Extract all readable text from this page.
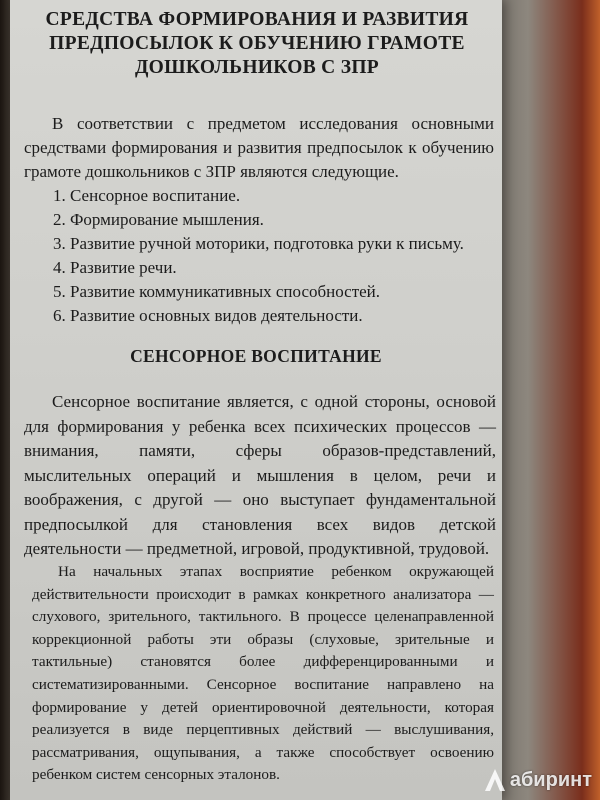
СРЕДСТВА ФОРМИРОВАНИЯ И РАЗВИТИЯ
ПРЕДПОСЫЛОК К ОБУЧЕНИЮ ГРАМОТЕ
ДОШКОЛЬНИКОВ С ЗПР

В соответствии с предметом исследования основными средствами формирования и развития предпосылок к обучению грамоте дошкольников с ЗПР являются следующие.

1. Сенсорное воспитание.
2. Формирование мышления.
3. Развитие ручной моторики, подготовка руки к письму.
4. Развитие речи.
5. Развитие коммуникативных способностей.
6. Развитие основных видов деятельности.
СЕНСОРНОЕ ВОСПИТАНИЕ

Сенсорное воспитание является, с одной стороны, основой для формирования у ребенка всех психических процессов — внимания, памяти, сферы образов-представлений, мыслительных операций и мышления в целом, речи и воображения, с другой — оно выступает фундаментальной предпосылкой для становления всех видов детской деятельности — предметной, игровой, продуктивной, трудовой.

На начальных этапах восприятие ребенком окружающей действительности происходит в рамках конкретного анализатора — слухового, зрительного, тактильного. В процессе целенаправленной коррекционной работы эти образы (слуховые, зрительные и тактильные) становятся более дифференцированными и систематизированными. Сенсорное воспитание направлено на формирование у детей ориентировочной деятельности, которая реализуется в виде перцептивных действий — выслушивания, рассматривания, ощупывания, а также способствует освоению ребенком систем сенсорных эталонов.	абиринт
